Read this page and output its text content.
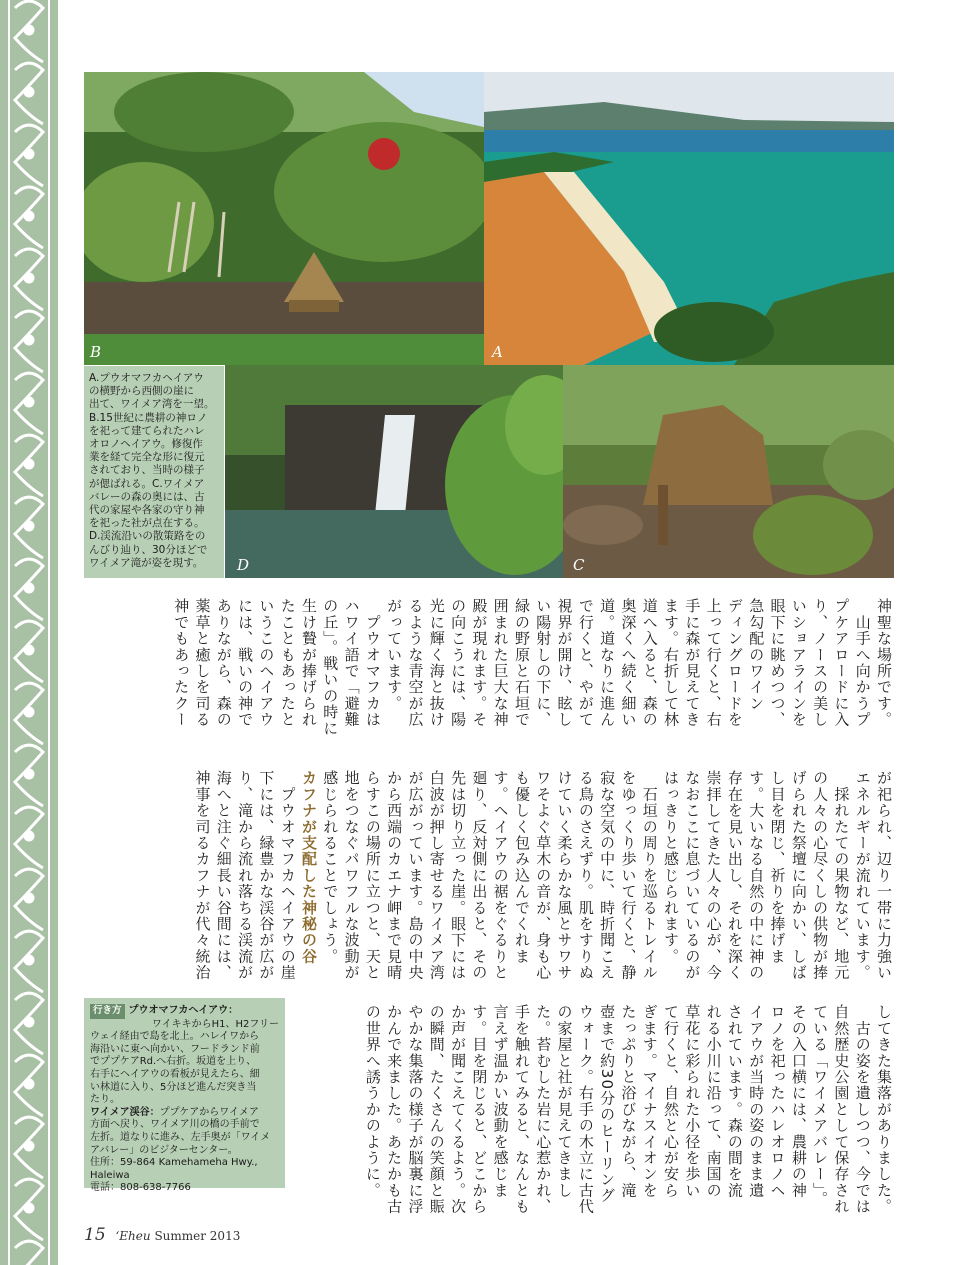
B	A
D	C
A.プウオマフカヘイアウ
の横野から西側の崖に
出て、ワイメア湾を一望。
B.15世紀に農耕の神ロノ
を祀って建てられたハレ
オロノヘイアウ。修復作
業を経て完全な形に復元
されており、当時の様子
が偲ばれる。C.ワイメア
バレーの森の奥には、古
代の家屋や各家の守り神
を祀った社が点在する。
D.渓流沿いの散策路をの
んびり辿り、30分ほどで
ワイメア滝が姿を現す。
神聖な場所です。
　山手へ向かうプ
プケアロードに入
り、ノースの美し
いショアラインを
眼下に眺めつつ、
急勾配のワイン
ディングロードを
上って行くと、右
手に森が見えてき
ます。右折して林
道へ入ると、森の
奥深くへ続く細い
道。道なりに進ん
で行くと、やがて
視界が開け、眩し
い陽射しの下に、
緑の野原と石垣で
囲まれた巨大な神
殿が現れます。そ
の向こうには、陽
光に輝く海と抜け
るような青空が広
がっています。
　プウオマフカは
ハワイ語で「避難
の丘」。戦いの時に
生け贄が捧げられ
たこともあったと
いうこのヘイアウ
には、戦いの神で
ありながら、森の
薬草と癒しを司る
神でもあったクー
が祀られ、辺り一帯に力強い
エネルギーが流れています。
　採れたての果物など、地元
の人々の心尽くしの供物が捧
げられた祭壇に向かい、しば
し目を閉じ、祈りを捧げま
す。大いなる自然の中に神の
存在を見い出し、それを深く
崇拝してきた人々の心が、今
なおここに息づいているのが
はっきりと感じられます。
　石垣の周りを巡るトレイル
をゆっくり歩いて行くと、静
寂な空気の中に、時折聞こえ
る鳥のさえずり。肌をすりぬ
けていく柔らかな風とサワサ
ワそよぐ草木の音が、身も心
も優しく包み込んでくれま
す。ヘイアウの裾をぐるりと
廻り、反対側に出ると、その
先は切り立った崖。眼下には
白波が押し寄せるワイメア湾
が広がっています。島の中央
から西端のカエナ岬まで見晴
らすこの場所に立つと、天と
地をつなぐパワフルな波動が
感じられることでしょう。
カフナが支配した神秘の谷
　プウオマフカヘイアウの崖
下には、緑豊かな渓谷が広が
り、滝から流れ落ちる渓流が
海へと注ぐ細長い谷間には、
神事を司るカフナが代々統治
してきた集落がありました。
　古の姿を遺しつつ、今では
自然歴史公園として保存され
ている「ワイメアバレー」。
その入口横には、農耕の神
ロノを祀ったハレオロノヘ
イアウが当時の姿のまま遺
されています。森の間を流
れる小川に沿って、南国の
草花に彩られた小径を歩い
て行くと、自然と心が安ら
ぎます。マイナスイオンを
たっぷりと浴びながら、滝
壺まで約30分のヒーリング
ウォーク。右手の木立に古代
の家屋と社が見えてきまし
た。苔むした岩に心惹かれ、
手を触れてみると、なんとも
言えず温かい波動を感じま
す。目を閉じると、どこから
か声が聞こえてくるよう。次
の瞬間、たくさんの笑顔と賑
やかな集落の様子が脳裏に浮
かんで来ました。あたかも古
の世界へ誘うかのように。
行き方 プウオマフカヘイアウ：
ワイキキからH1、H2フリー
ウェイ経由で島を北上。ハレイワから
海沿いに東へ向かい、フードランド前
でププケアRd.へ右折。坂道を上り、
右手にヘイアウの看板が見えたら、細
い林道に入り、5分ほど進んだ突き当
たり。
ワイメア渓谷：ププケアからワイメア
方面へ戻り、ワイメア川の橋の手前で
左折。道なりに進み、左手奥が「ワイメ
アバレー」のビジターセンター。
住所：59-864 Kamehameha Hwy., Haleiwa
電話：808-638-7766
15 ‘Eheu Summer 2013
